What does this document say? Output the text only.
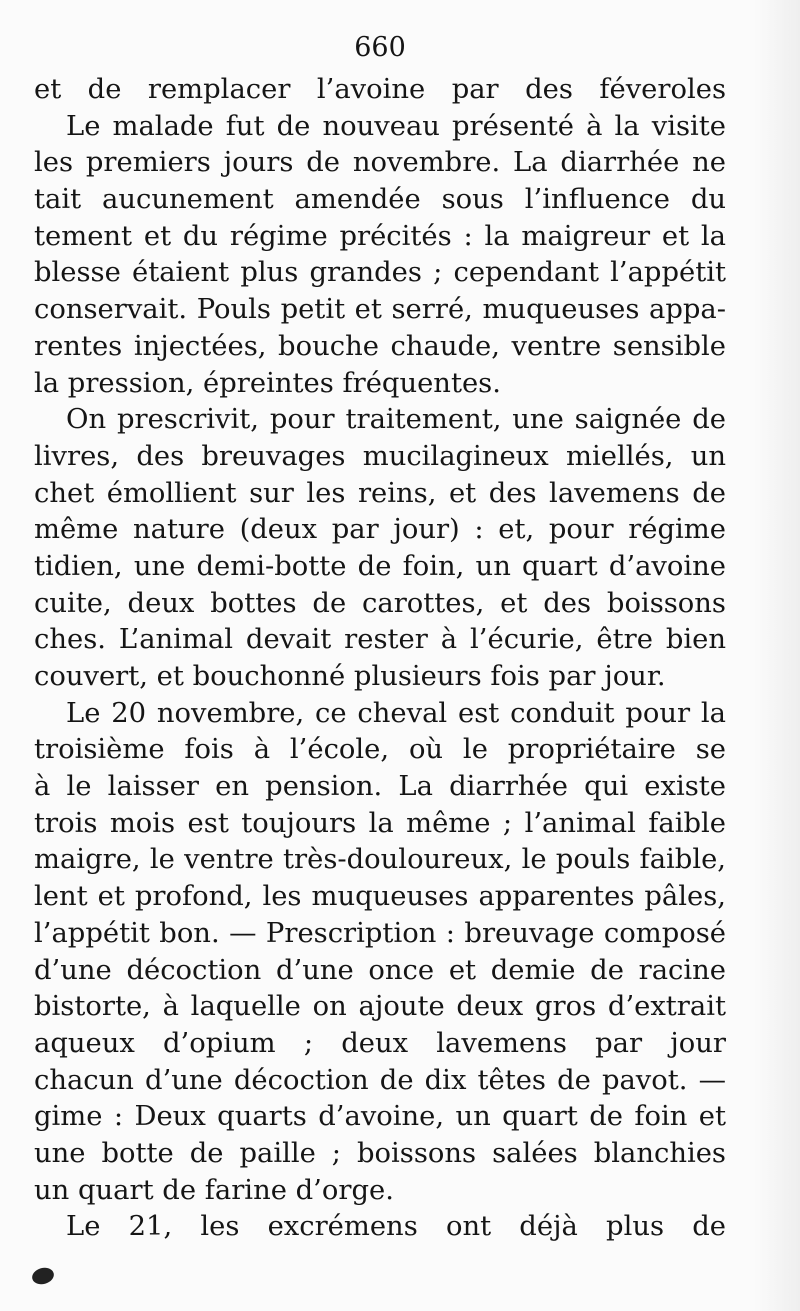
660
et de remplacer l’avoine par des féveroles
Le malade fut de nouveau présenté à la visite
les premiers jours de novembre. La diarrhée ne
tait aucunement amendée sous l’influence du
tement et du régime précités : la maigreur et la
blesse étaient plus grandes ; cependant l’appétit
conservait. Pouls petit et serré, muqueuses appa-
rentes injectées, bouche chaude, ventre sensible
la pression, épreintes fréquentes.
On prescrivit, pour traitement, une saignée de
livres, des breuvages mucilagineux miellés, un
chet émollient sur les reins, et des lavemens de
même nature (deux par jour) : et, pour régime
tidien, une demi-botte de foin, un quart d’avoine
cuite, deux bottes de carottes, et des boissons
ches. L’animal devait rester à l’écurie, être bien
couvert, et bouchonné plusieurs fois par jour.
Le 20 novembre, ce cheval est conduit pour la
troisième fois à l’école, où le propriétaire se
à le laisser en pension. La diarrhée qui existe
trois mois est toujours la même ; l’animal faible
maigre, le ventre très-douloureux, le pouls faible,
lent et profond, les muqueuses apparentes pâles,
l’appétit bon. — Prescription : breuvage composé
d’une décoction d’une once et demie de racine
bistorte, à laquelle on ajoute deux gros d’extrait
aqueux d’opium ; deux lavemens par jour
chacun d’une décoction de dix têtes de pavot. —
gime : Deux quarts d’avoine, un quart de foin et
une botte de paille ; boissons salées blanchies
un quart de farine d’orge.
Le 21, les excrémens ont déjà plus de
